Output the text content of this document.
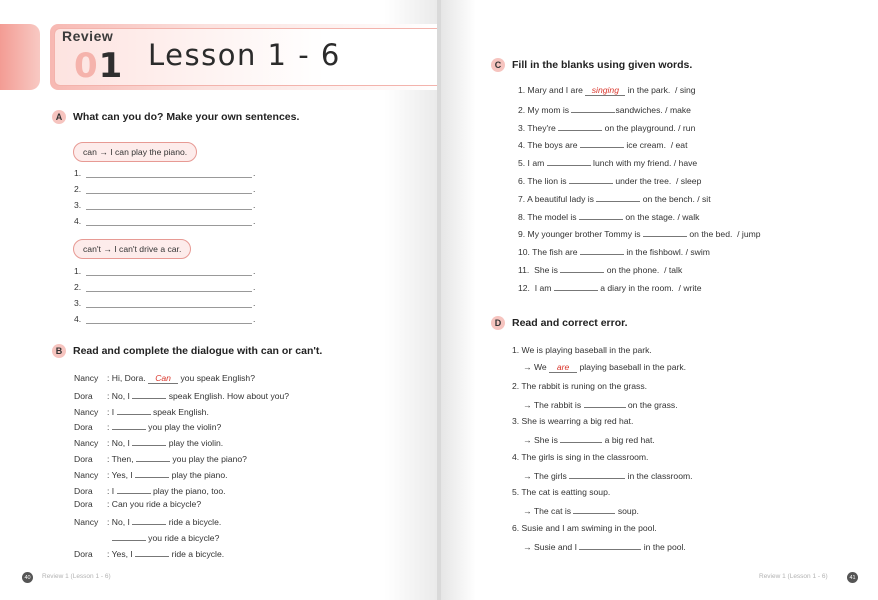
Review
01 Lesson 1 - 6
A	What can you do? Make your own sentences.
can → I can play the piano.
1.	.
2.	.
3.	.
4.	.
can't → I can't drive a car.
1.	.
2.	.
3.	.
4.	.
B	Read and complete the dialogue with can or can't.
Nancy : Hi, Dora. Can you speak English?
Dora : No, I	speak English. How about you?
Nancy : I	speak English.
Dora :	you play the violin?
Nancy : No, I	play the violin.
Dora : Then,	you play the piano?
Nancy : Yes, I	play the piano.
Dora : I	play the piano, too.
Dora : Can you ride a bicycle?
Nancy : No, I	ride a bicycle.
you ride a bicycle?
Dora : Yes, I	ride a bicycle.
40	Review 1 (Lesson 1 - 6)
C	Fill in the blanks using given words.
1. Mary and I are singing in the park.  / sing
2. My mom is	sandwiches. / make
3. They're	on the playground. / run
4. The boys are	ice cream.  / eat
5. I am	lunch with my friend. / have
6. The lion is	under the tree.  / sleep
7. A beautiful lady is	on the bench. / sit
8. The model is	on the stage. / walk
9. My younger brother Tommy is	on the bed.  / jump
10. The fish are	in the fishbowl. / swim
11.  She is	on the phone.  / talk
12.  I am	a diary in the room.  / write
D	Read and correct error.
1. We is playing baseball in the park.
→ We are playing baseball in the park.
2. The rabbit is runing on the grass.
→ The rabbit is	on the grass.
3. She is wearring a big red hat.
→ She is	a big red hat.
4. The girls is sing in the classroom.
→ The girls	in the classroom.
5. The cat is eatting soup.
→ The cat is	soup.
6. Susie and I am swiming in the pool.
→ Susie and I	in the pool.
Review 1 (Lesson 1 - 6)	41
